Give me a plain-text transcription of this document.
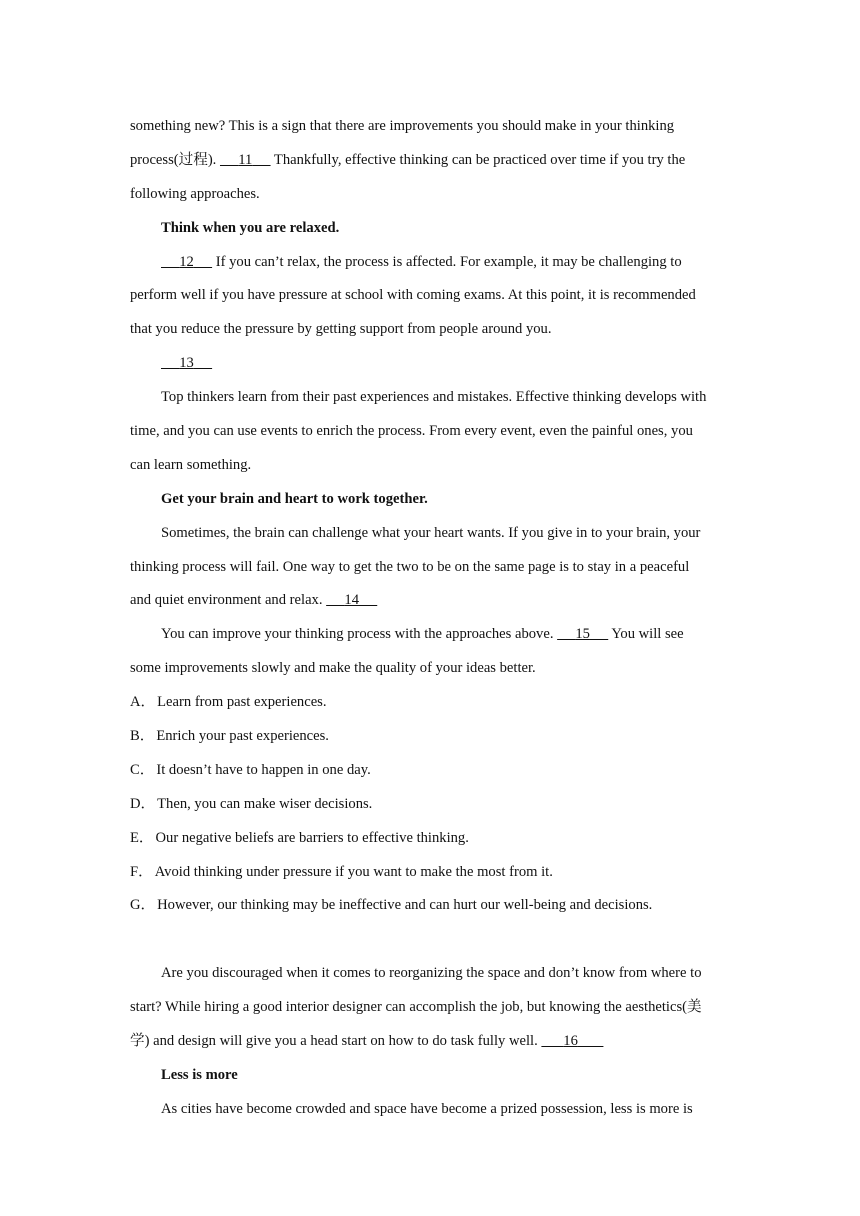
something new? This is a sign that there are improvements you should make in your thinking
process(过程).      11      Thankfully, effective thinking can be practiced over time if you try the
following approaches.
Think when you are relaxed.
12      If you can’t relax, the process is affected. For example, it may be challenging to
perform well if you have pressure at school with coming exams. At this point, it is recommended
that you reduce the pressure by getting support from people around you.
13
Top thinkers learn from their past experiences and mistakes. Effective thinking develops with
time, and you can use events to enrich the process. From every event, even the painful ones, you
can learn something.
Get your brain and heart to work together.
Sometimes, the brain can challenge what your heart wants. If you give in to your brain, your
thinking process will fail. One way to get the two to be on the same page is to stay in a peaceful
and quiet environment and relax.      14
You can improve your thinking process with the approaches above.      15      You will see
some improvements slowly and make the quality of your ideas better.
A． Learn from past experiences.
B． Enrich your past experiences.
C． It doesn’t have to happen in one day.
D． Then, you can make wiser decisions.
E． Our negative beliefs are barriers to effective thinking.
F． Avoid thinking under pressure if you want to make the most from it.
G． However, our thinking may be ineffective and can hurt our well-being and decisions.
Are you discouraged when it comes to reorganizing the space and don’t know from where to
start? While hiring a good interior designer can accomplish the job, but knowing the aesthetics(美
学) and design will give you a head start on how to do task fully well.       16
Less is more
As cities have become crowded and space have become a prized possession, less is more is
